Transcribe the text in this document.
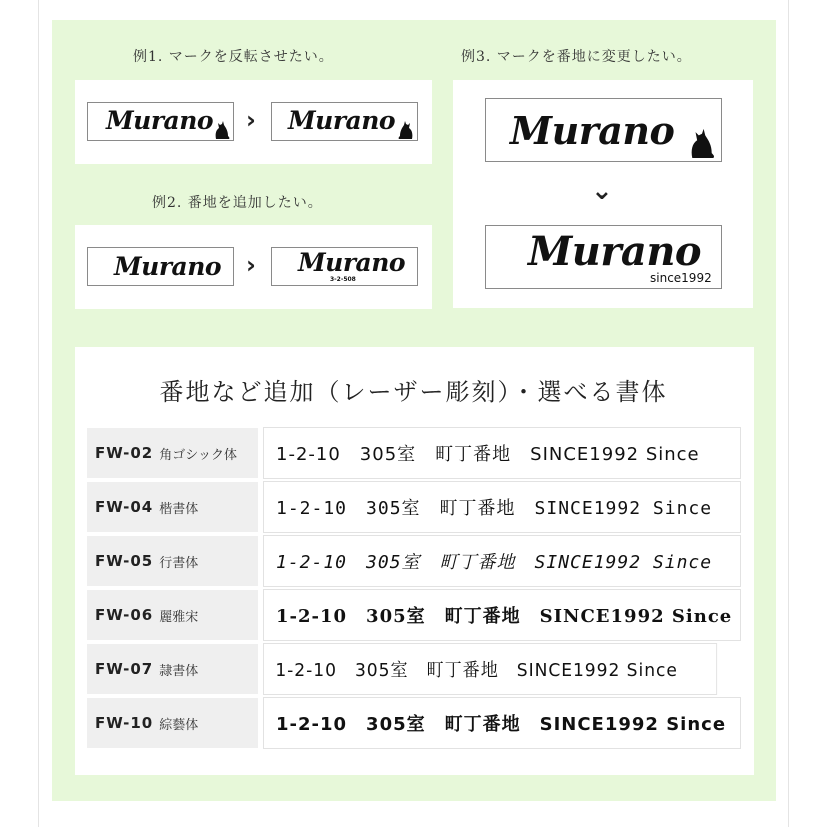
例1. マークを反転させたい。
Murano › Murano
例2. 番地を追加したい。
Murano › Murano
3-2-508
例3. マークを番地に変更したい。
Murano
⌄
Murano
since1992
番地など追加（レーザー彫刻）・選べる書体
FW-02 角ゴシック体	1-2-10　305室　町丁番地　SINCE1992 Since
FW-04 楷書体	1-2-10　305室　町丁番地　SINCE1992 Since
FW-05 行書体	1-2-10　305室　町丁番地　SINCE1992 Since
FW-06 麗雅宋	1-2-10　305室　町丁番地　SINCE1992 Since
FW-07 隷書体	1-2-10　305室　町丁番地　SINCE1992 Since
FW-10 綜藝体	1-2-10　305室　町丁番地　SINCE1992 Since
